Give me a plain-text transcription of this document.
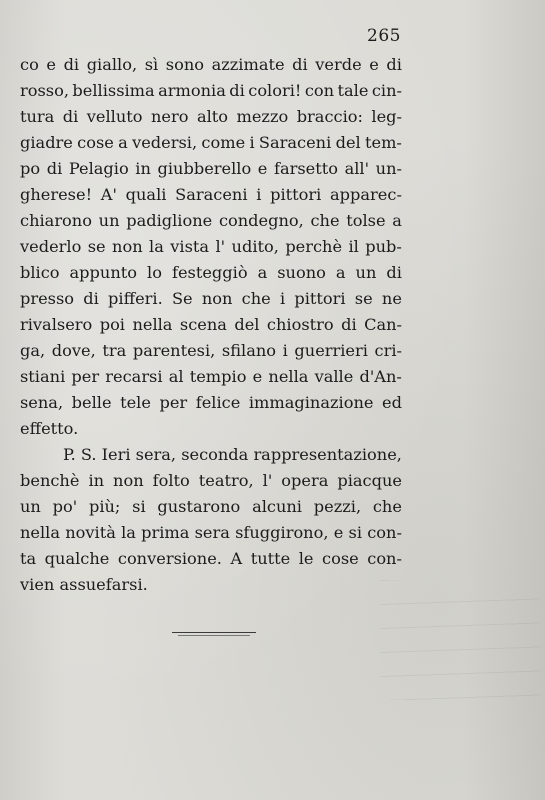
265
co e di giallo, sì sono azzimate di verde e di
rosso, bellissima armonia di colori! con tale cin-
tura di velluto nero alto mezzo braccio: leg-
giadre cose a vedersi, come i Saraceni del tem-
po di Pelagio in giubberello e farsetto all' un-
gherese! A' quali Saraceni i pittori apparec-
chiarono un padiglione condegno, che tolse a
vederlo se non la vista l' udito, perchè il pub-
blico appunto lo festeggiò a suono a un di
presso di pifferi. Se non che i pittori se ne
rivalsero poi nella scena del chiostro di Can-
ga, dove, tra parentesi, sfilano i guerrieri cri-
stiani per recarsi al tempio e nella valle d'An-
sena, belle tele per felice immaginazione ed
effetto.
P. S. Ieri sera, seconda rappresentazione,
benchè in non folto teatro, l' opera piacque
un po' più; si gustarono alcuni pezzi, che
nella novità la prima sera sfuggirono, e si con-
ta qualche conversione. A tutte le cose con-
vien
assuefarsi.
